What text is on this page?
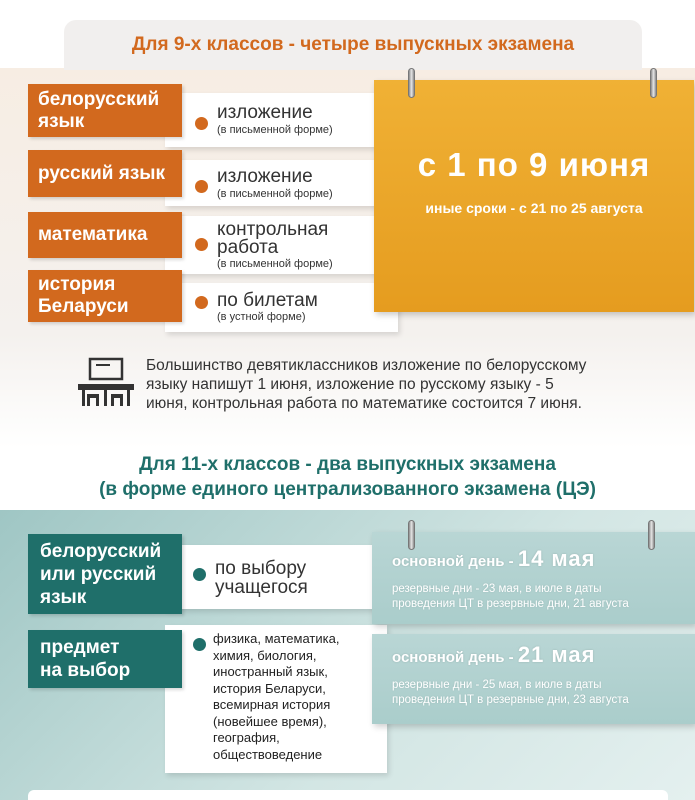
Для 9-х классов - четыре выпускных экзамена
изложение
(в письменной форме)
изложение
(в письменной форме)
контрольная
работа
(в письменной форме)
по билетам
(в устной форме)
белорусский
язык
русский язык
математика
история
Беларуси
с 1 по 9 июня
иные сроки - с 21 по 25 августа
Большинство девятиклассников изложение по белорусскому
языку напишут 1 июня, изложение по русскому языку - 5
июня, контрольная работа по математике состоится 7 июня.
Для 11-х классов - два выпускных экзамена
(в форме единого централизованного экзамена (ЦЭ)
по выбору
учащегося
физика, математика,
химия, биология,
иностранный язык,
история Беларуси,
всемирная история
(новейшее время),
география,
обществоведение
белорусский
или русский
язык
предмет
на выбор
основной день - 14 мая
резервные дни - 23 мая, в июле в даты
проведения ЦТ в резервные дни, 21 августа
основной день - 21 мая
резервные дни - 25 мая, в июле в даты
проведения ЦТ в резервные дни, 23 августа
